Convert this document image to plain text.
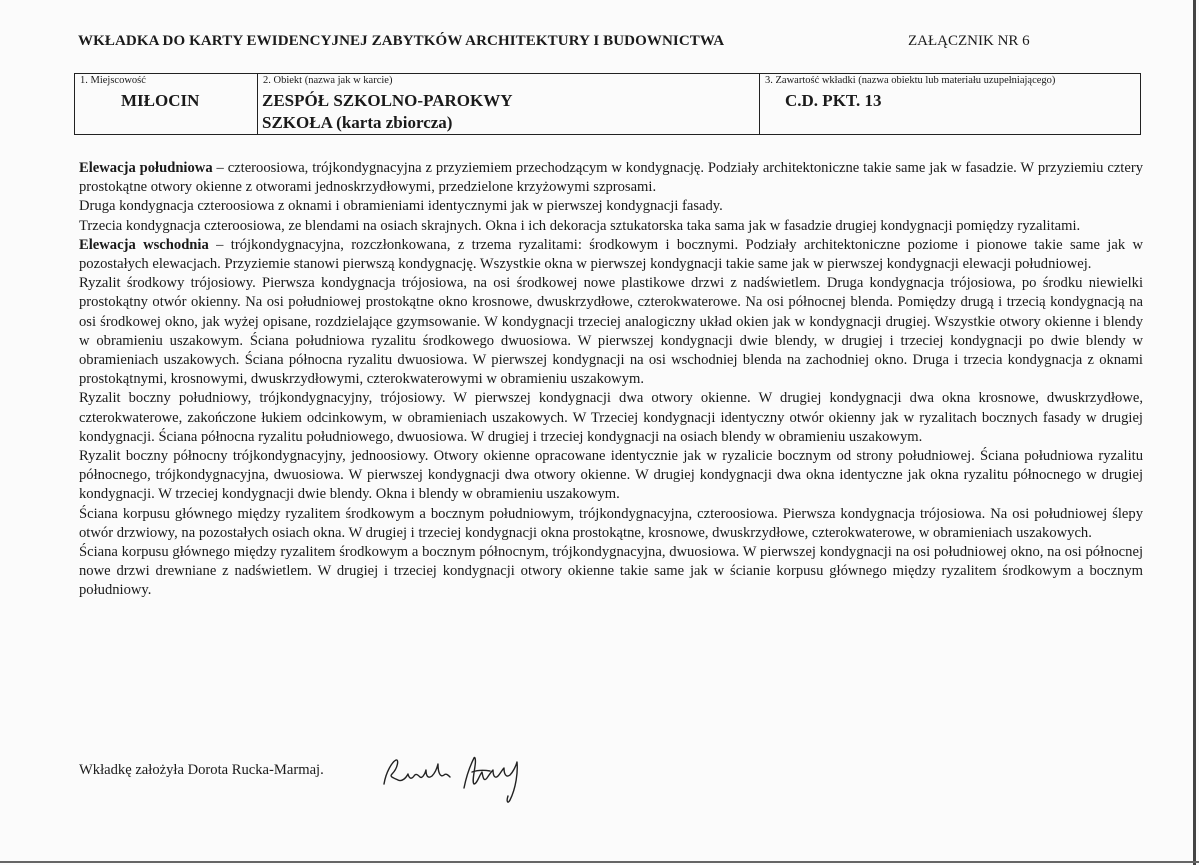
WKŁADKA DO KARTY EWIDENCYJNEJ ZABYTKÓW ARCHITEKTURY I BUDOWNICTWA	ZAŁĄCZNIK NR 6
1. Miejscowość
MIŁOCIN
2. Obiekt (nazwa jak w karcie)
ZESPÓŁ SZKOLNO-PAROKWY
SZKOŁA (karta zbiorcza)
3. Zawartość wkładki (nazwa obiektu lub materiału uzupełniającego)
C.D. PKT. 13

Elewacja południowa – czteroosiowa, trójkondygnacyjna z przyziemiem przechodzącym w kondygnację. Podziały architektoniczne takie same jak w fasadzie. W przyziemiu cztery prostokątne otwory okienne z otworami jednoskrzydłowymi, przedzielone krzyżowymi szprosami.

Druga kondygnacja czteroosiowa z oknami i obramieniami identycznymi jak w pierwszej kondygnacji fasady.

Trzecia kondygnacja czteroosiowa, ze blendami na osiach skrajnych. Okna i ich dekoracja sztukatorska taka sama jak w fasadzie drugiej kondygnacji pomiędzy ryzalitami.

Elewacja wschodnia – trójkondygnacyjna, rozczłonkowana, z trzema ryzalitami: środkowym i bocznymi. Podziały architektoniczne poziome i pionowe takie same jak w pozostałych elewacjach. Przyziemie stanowi pierwszą kondygnację. Wszystkie okna w pierwszej kondygnacji takie same jak w pierwszej kondygnacji elewacji południowej.

Ryzalit środkowy trójosiowy. Pierwsza kondygnacja trójosiowa, na osi środkowej nowe plastikowe drzwi z nadświetlem. Druga kondygnacja trójosiowa, po środku niewielki prostokątny otwór okienny. Na osi południowej prostokątne okno krosnowe, dwuskrzydłowe, czterokwaterowe. Na osi północnej blenda. Pomiędzy drugą i trzecią kondygnacją na osi środkowej okno, jak wyżej opisane, rozdzielające gzymsowanie. W kondygnacji trzeciej analogiczny układ okien jak w kondygnacji drugiej. Wszystkie otwory okienne i blendy w obramieniu uszakowym. Ściana południowa ryzalitu środkowego dwuosiowa. W pierwszej kondygnacji dwie blendy, w drugiej i trzeciej kondygnacji po dwie blendy w obramieniach uszakowych. Ściana północna ryzalitu dwuosiowa. W pierwszej kondygnacji na osi wschodniej blenda na zachodniej okno. Druga i trzecia kondygnacja z oknami prostokątnymi, krosnowymi, dwuskrzydłowymi, czterokwaterowymi w obramieniu uszakowym.

Ryzalit boczny południowy, trójkondygnacyjny, trójosiowy. W pierwszej kondygnacji dwa otwory okienne. W drugiej kondygnacji dwa okna krosnowe, dwuskrzydłowe, czterokwaterowe, zakończone łukiem odcinkowym, w obramieniach uszakowych. W Trzeciej kondygnacji identyczny otwór okienny jak w ryzalitach bocznych fasady w drugiej kondygnacji. Ściana północna ryzalitu południowego, dwuosiowa. W drugiej i trzeciej kondygnacji na osiach blendy w obramieniu uszakowym.

Ryzalit boczny północny trójkondygnacyjny, jednoosiowy. Otwory okienne opracowane identycznie jak w ryzalicie bocznym od strony południowej. Ściana południowa ryzalitu północnego, trójkondygnacyjna, dwuosiowa. W pierwszej kondygnacji dwa otwory okienne. W drugiej kondygnacji dwa okna identyczne jak okna ryzalitu północnego w drugiej kondygnacji. W trzeciej kondygnacji dwie blendy. Okna i blendy w obramieniu uszakowym.

Ściana korpusu głównego między ryzalitem środkowym a bocznym południowym, trójkondygnacyjna, czteroosiowa. Pierwsza kondygnacja trójosiowa. Na osi południowej ślepy otwór drzwiowy, na pozostałych osiach okna. W drugiej i trzeciej kondygnacji okna prostokątne, krosnowe, dwuskrzydłowe, czterokwaterowe, w obramieniach uszakowych.

Ściana korpusu głównego między ryzalitem środkowym a bocznym północnym, trójkondygnacyjna, dwuosiowa. W pierwszej kondygnacji na osi południowej okno, na osi północnej nowe drzwi drewniane z nadświetlem. W drugiej i trzeciej kondygnacji otwory okienne takie same jak w ścianie korpusu głównego między ryzalitem środkowym a bocznym południowy.

Wkładkę założyła Dorota Rucka-Marmaj.
